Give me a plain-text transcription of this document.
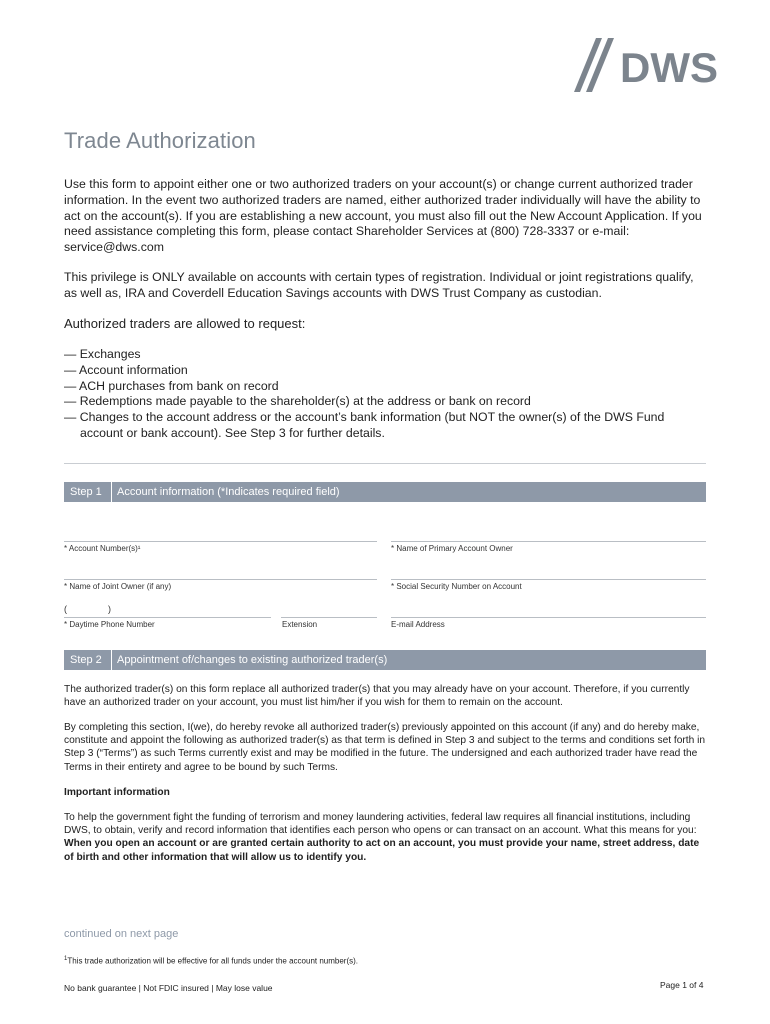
DWS
Trade Authorization

Use this form to appoint either one or two authorized traders on your account(s) or change current authorized trader information. In the event two authorized traders are named, either authorized trader individually will have the ability to act on the account(s). If you are establishing a new account, you must also fill out the New Account Application. If you need assistance completing this form, please contact Shareholder Services at (800) 728-3337 or e-mail: service@dws.com

This privilege is ONLY available on accounts with certain types of registration. Individual or joint registrations qualify, as well as, IRA and Coverdell Education Savings accounts with DWS Trust Company as custodian.

Authorized traders are allowed to request:
— Exchanges
— Account information
— ACH purchases from bank on record
— Redemptions made payable to the shareholder(s) at the address or bank on record
— Changes to the account address or the account’s bank information (but NOT the owner(s) of the DWS Fund account or bank account). See Step 3 for further details.
Step 1	Account information (*Indicates required field)
* Account Number(s)¹	* Name of Primary Account Owner
* Name of Joint Owner (if any)	* Social Security Number on Account
(	)
* Daytime Phone Number	Extension	E-mail Address
Step 2	Appointment of/changes to existing authorized trader(s)

The authorized trader(s) on this form replace all authorized trader(s) that you may already have on your account. Therefore, if you currently have an authorized trader on your account, you must list him/her if you wish for them to remain on the account.

By completing this section, I(we), do hereby revoke all authorized trader(s) previously appointed on this account (if any) and do hereby make, constitute and appoint the following as authorized trader(s) as that term is defined in Step 3 and subject to the terms and conditions set forth in Step 3 (“Terms”) as such Terms currently exist and may be modified in the future. The undersigned and each authorized trader have read the Terms in their entirety and agree to be bound by such Terms.

Important information

To help the government fight the funding of terrorism and money laundering activities, federal law requires all financial institutions, including DWS, to obtain, verify and record information that identifies each person who opens or can transact on an account. What this means for you: When you open an account or are granted certain authority to act on an account, you must provide your name, street address, date of birth and other information that will allow us to identify you.

continued on next page
$^1$This trade authorization will be effective for all funds under the account number(s).
No bank guarantee | Not FDIC insured | May lose value	Page 1 of 4
